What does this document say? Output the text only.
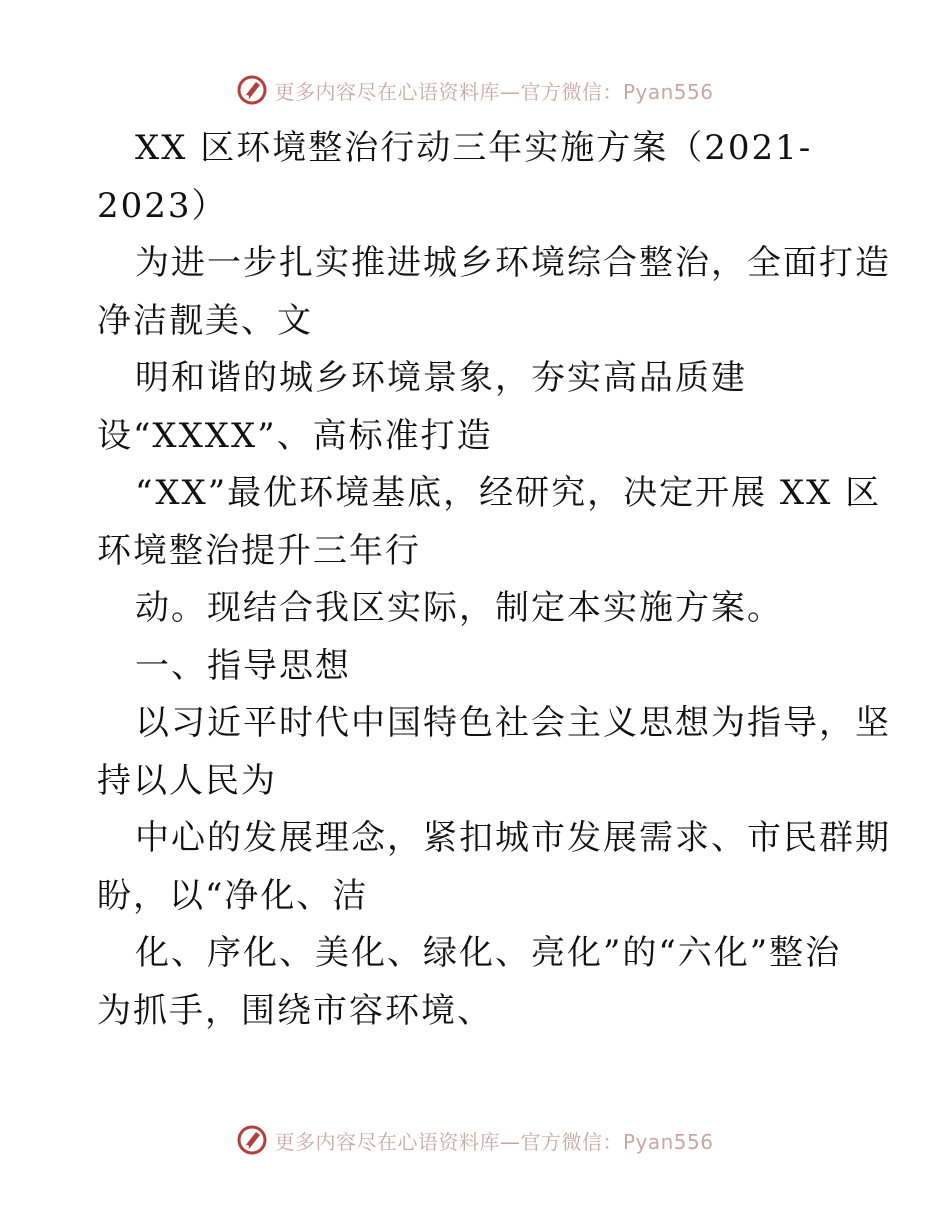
更多内容尽在心语资料库—官方微信：Pyan556
XX 区环境整治行动三年实施方案（2021-
2023）
为进一步扎实推进城乡环境综合整治，全面打造
净洁靓美、文
明和谐的城乡环境景象，夯实高品质建
设“XXXX”、高标准打造
“XX”最优环境基底，经研究，决定开展 XX 区
环境整治提升三年行
动。现结合我区实际，制定本实施方案。
一、指导思想
以习近平时代中国特色社会主义思想为指导，坚
持以人民为
中心的发展理念，紧扣城市发展需求、市民群期
盼，以“净化、洁
化、序化、美化、绿化、亮化”的“六化”整治
为抓手，围绕市容环境、
更多内容尽在心语资料库—官方微信：Pyan556
